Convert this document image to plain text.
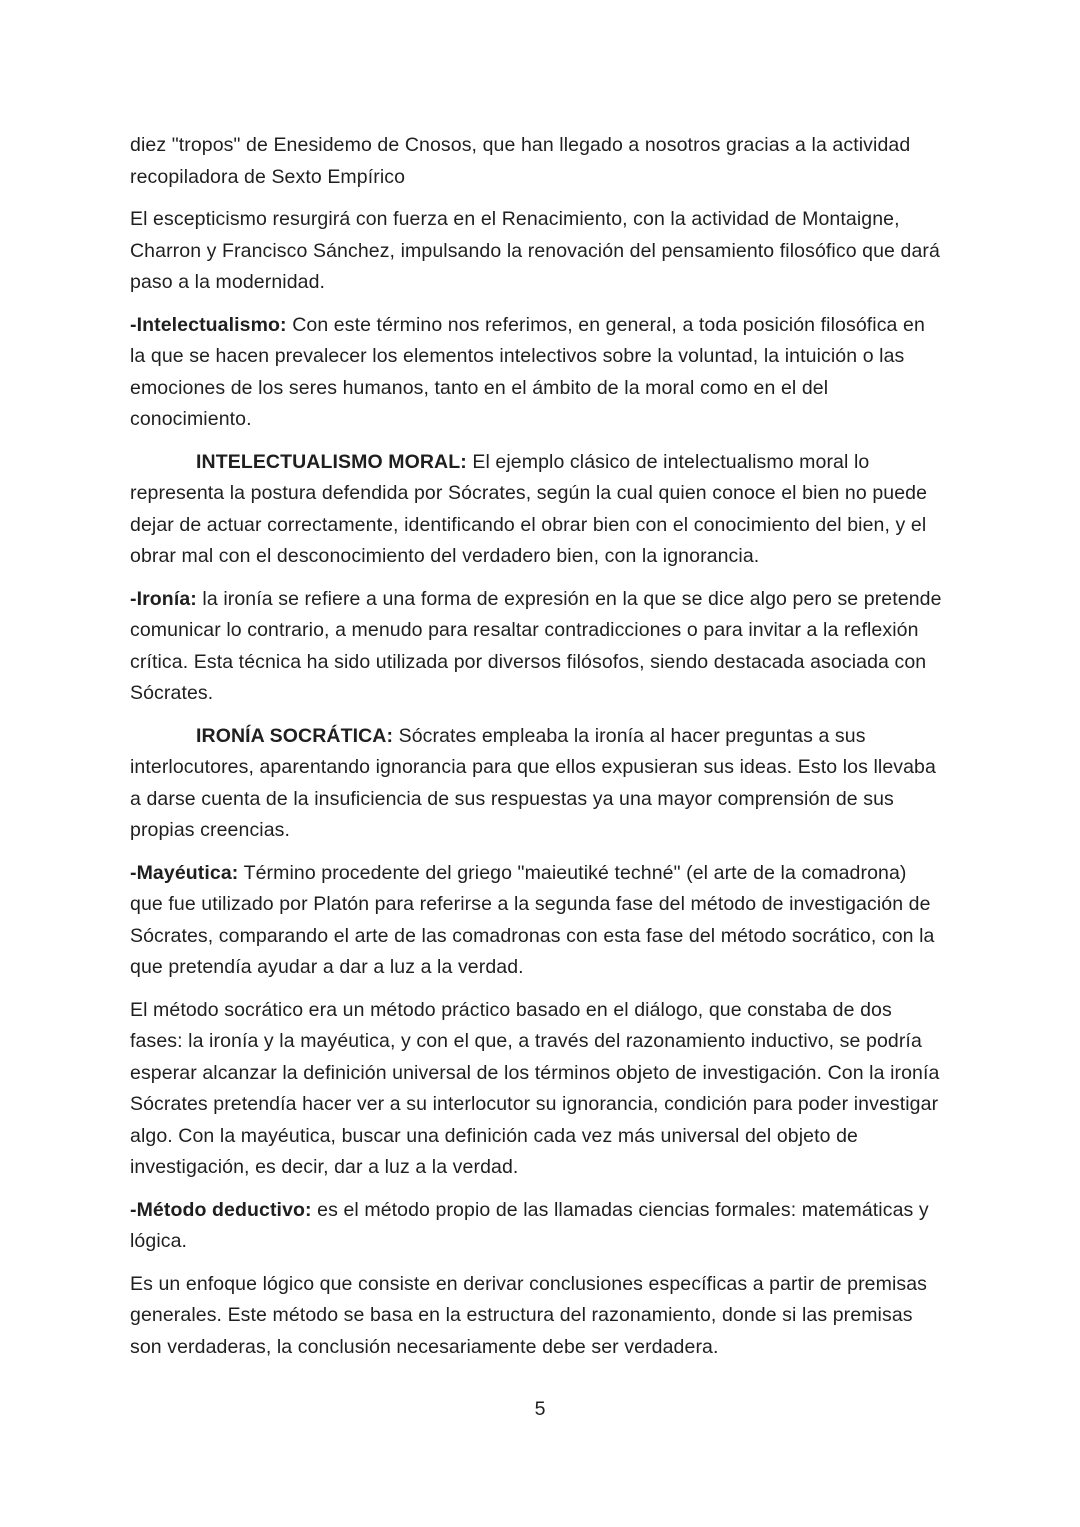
diez "tropos" de Enesidemo de Cnosos, que han llegado a nosotros gracias a la actividad recopiladora de Sexto Empírico

El escepticismo resurgirá con fuerza en el Renacimiento, con la actividad de Montaigne, Charron y Francisco Sánchez, impulsando la renovación del pensamiento filosófico que dará paso a la modernidad.

-Intelectualismo: Con este término nos referimos, en general, a toda posición filosófica en la que se hacen prevalecer los elementos intelectivos sobre la voluntad, la intuición o las emociones de los seres humanos, tanto en el ámbito de la moral como en el del conocimiento.

INTELECTUALISMO MORAL: El ejemplo clásico de intelectualismo moral lo representa la postura defendida por Sócrates, según la cual quien conoce el bien no puede dejar de actuar correctamente, identificando el obrar bien con el conocimiento del bien, y el obrar mal con el desconocimiento del verdadero bien, con la ignorancia.

-Ironía: la ironía se refiere a una forma de expresión en la que se dice algo pero se pretende comunicar lo contrario, a menudo para resaltar contradicciones o para invitar a la reflexión crítica. Esta técnica ha sido utilizada por diversos filósofos, siendo destacada asociada con Sócrates.

IRONÍA SOCRÁTICA: Sócrates empleaba la ironía al hacer preguntas a sus interlocutores, aparentando ignorancia para que ellos expusieran sus ideas. Esto los llevaba a darse cuenta de la insuficiencia de sus respuestas ya una mayor comprensión de sus propias creencias.

-Mayéutica: Término procedente del griego "maieutiké techné" (el arte de la comadrona) que fue utilizado por Platón para referirse a la segunda fase del método de investigación de Sócrates, comparando el arte de las comadronas con esta fase del método socrático, con la que pretendía ayudar a dar a luz a la verdad.

El método socrático era un método práctico basado en el diálogo, que constaba de dos fases: la ironía y la mayéutica, y con el que, a través del razonamiento inductivo, se podría esperar alcanzar la definición universal de los términos objeto de investigación. Con la ironía Sócrates pretendía hacer ver a su interlocutor su ignorancia, condición para poder investigar algo. Con la mayéutica, buscar una definición cada vez más universal del objeto de investigación, es decir, dar a luz a la verdad.

-Método deductivo: es el método propio de las llamadas ciencias formales: matemáticas y lógica.

Es un enfoque lógico que consiste en derivar conclusiones específicas a partir de premisas generales. Este método se basa en la estructura del razonamiento, donde si las premisas son verdaderas, la conclusión necesariamente debe ser verdadera.

5
